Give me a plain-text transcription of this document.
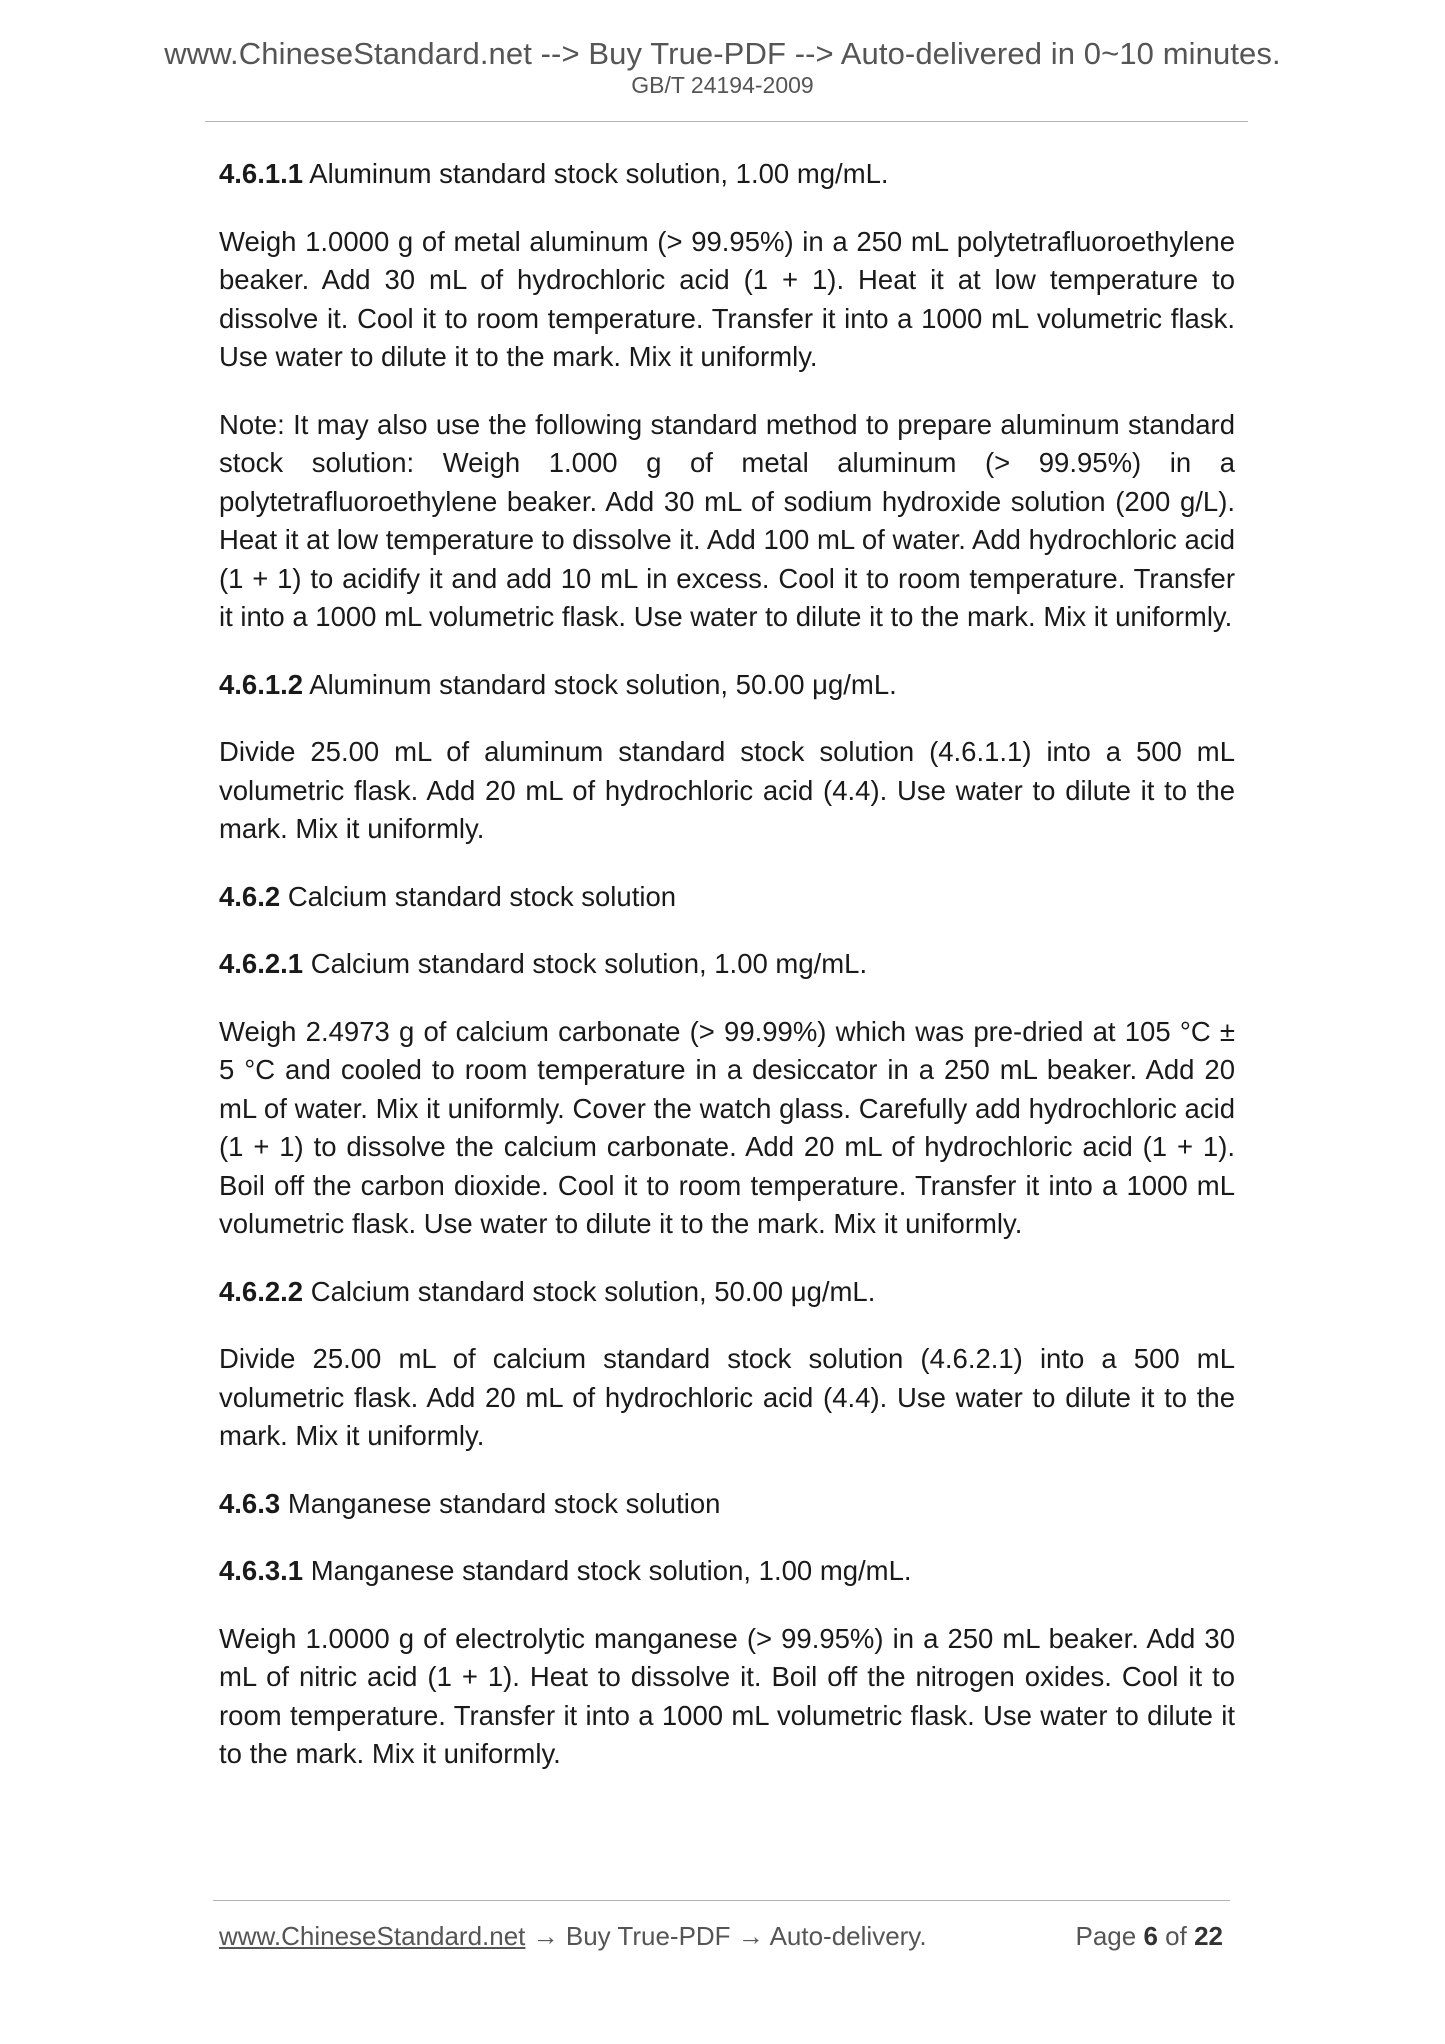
www.ChineseStandard.net --> Buy True-PDF --> Auto-delivered in 0~10 minutes.
GB/T 24194-2009

4.6.1.1 Aluminum standard stock solution, 1.00 mg/mL.

Weigh 1.0000 g of metal aluminum (> 99.95%) in a 250 mL polytetrafluoroethylene beaker. Add 30 mL of hydrochloric acid (1 + 1). Heat it at low temperature to dissolve it. Cool it to room temperature. Transfer it into a 1000 mL volumetric flask. Use water to dilute it to the mark. Mix it uniformly.

Note: It may also use the following standard method to prepare aluminum standard stock solution: Weigh 1.000 g of metal aluminum (> 99.95%) in a polytetrafluoroethylene beaker. Add 30 mL of sodium hydroxide solution (200 g/L). Heat it at low temperature to dissolve it. Add 100 mL of water. Add hydrochloric acid (1 + 1) to acidify it and add 10 mL in excess. Cool it to room temperature. Transfer it into a 1000 mL volumetric flask. Use water to dilute it to the mark. Mix it uniformly.

4.6.1.2 Aluminum standard stock solution, 50.00 μg/mL.

Divide 25.00 mL of aluminum standard stock solution (4.6.1.1) into a 500 mL volumetric flask. Add 20 mL of hydrochloric acid (4.4). Use water to dilute it to the mark. Mix it uniformly.

4.6.2 Calcium standard stock solution

4.6.2.1 Calcium standard stock solution, 1.00 mg/mL.

Weigh 2.4973 g of calcium carbonate (> 99.99%) which was pre-dried at 105 °C ± 5 °C and cooled to room temperature in a desiccator in a 250 mL beaker. Add 20 mL of water. Mix it uniformly. Cover the watch glass. Carefully add hydrochloric acid (1 + 1) to dissolve the calcium carbonate. Add 20 mL of hydrochloric acid (1 + 1). Boil off the carbon dioxide. Cool it to room temperature. Transfer it into a 1000 mL volumetric flask. Use water to dilute it to the mark. Mix it uniformly.

4.6.2.2 Calcium standard stock solution, 50.00 μg/mL.

Divide 25.00 mL of calcium standard stock solution (4.6.2.1) into a 500 mL volumetric flask. Add 20 mL of hydrochloric acid (4.4). Use water to dilute it to the mark. Mix it uniformly.

4.6.3 Manganese standard stock solution

4.6.3.1 Manganese standard stock solution, 1.00 mg/mL.

Weigh 1.0000 g of electrolytic manganese (> 99.95%) in a 250 mL beaker. Add 30 mL of nitric acid (1 + 1). Heat to dissolve it. Boil off the nitrogen oxides. Cool it to room temperature. Transfer it into a 1000 mL volumetric flask. Use water to dilute it to the mark. Mix it uniformly.

www.ChineseStandard.net → Buy True-PDF → Auto-delivery.	Page 6 of 22
